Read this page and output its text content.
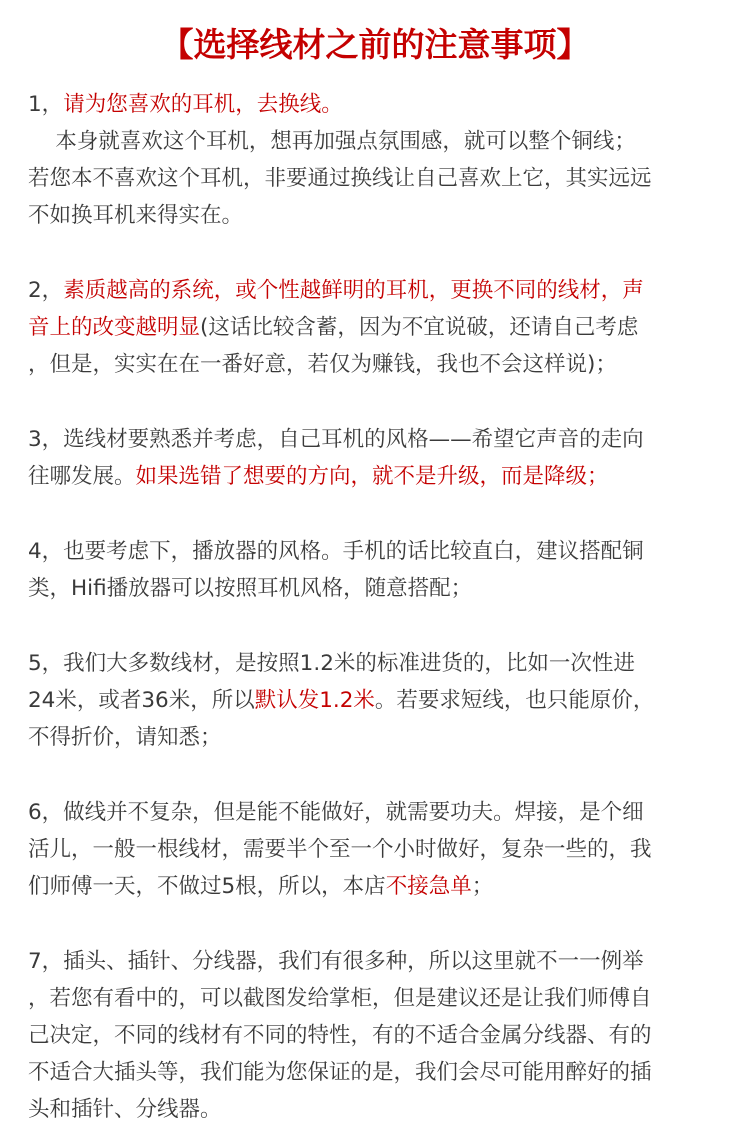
【选择线材之前的注意事项】
1，请为您喜欢的耳机，去换线。
本身就喜欢这个耳机，想再加强点氛围感，就可以整个铜线；
若您本不喜欢这个耳机，非要通过换线让自己喜欢上它，其实远远
不如换耳机来得实在。
2，素质越高的系统，或个性越鲜明的耳机，更换不同的线材，声
音上的改变越明显(这话比较含蓄，因为不宜说破，还请自己考虑
，但是，实实在在一番好意，若仅为赚钱，我也不会这样说)；
3，选线材要熟悉并考虑，自己耳机的风格——希望它声音的走向
往哪发展。如果选错了想要的方向，就不是升级，而是降级；
4，也要考虑下，播放器的风格。手机的话比较直白，建议搭配铜
类，Hifi播放器可以按照耳机风格，随意搭配；
5，我们大多数线材，是按照1.2米的标准进货的，比如一次性进
24米，或者36米，所以默认发1.2米。若要求短线，也只能原价，
不得折价，请知悉；
6，做线并不复杂，但是能不能做好，就需要功夫。焊接，是个细
活儿，一般一根线材，需要半个至一个小时做好，复杂一些的，我
们师傅一天，不做过5根，所以，本店不接急单；
7，插头、插针、分线器，我们有很多种，所以这里就不一一例举
，若您有看中的，可以截图发给掌柜，但是建议还是让我们师傅自
己决定，不同的线材有不同的特性，有的不适合金属分线器、有的
不适合大插头等，我们能为您保证的是，我们会尽可能用醉好的插
头和插针、分线器。
